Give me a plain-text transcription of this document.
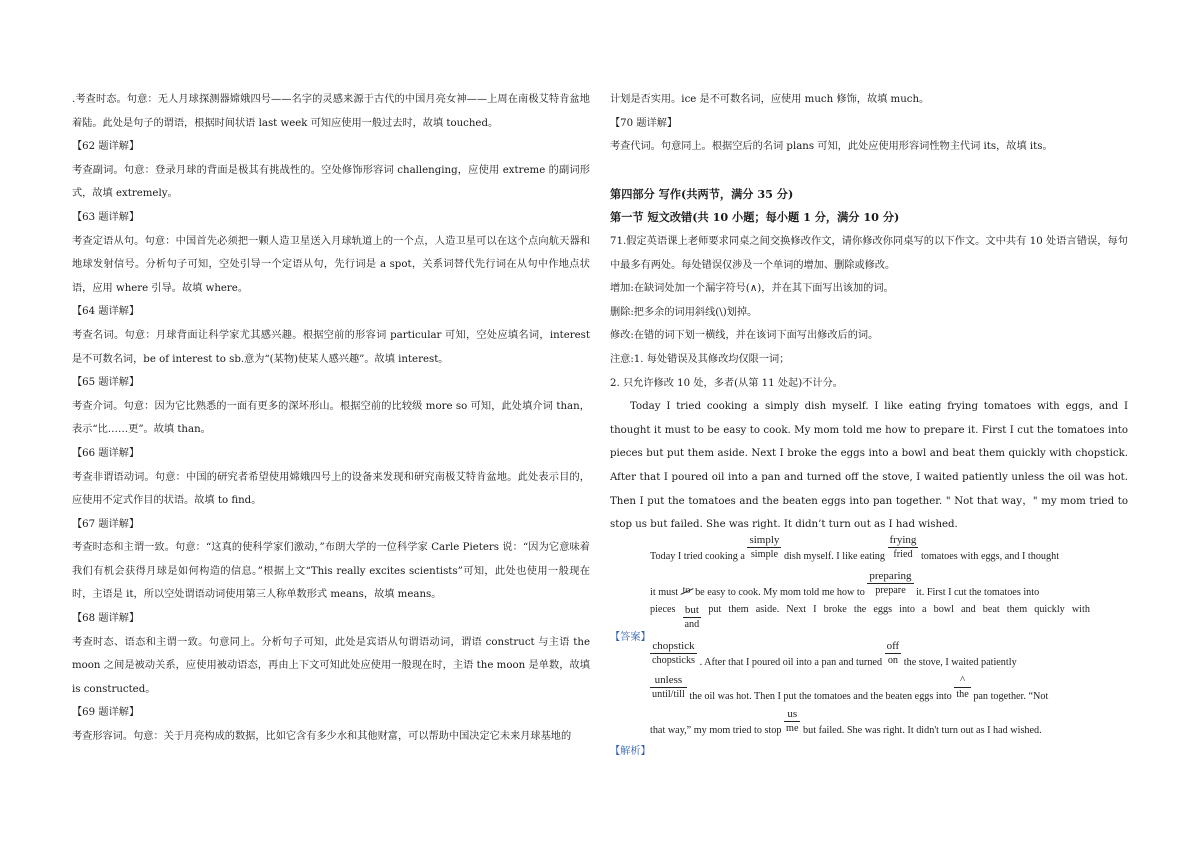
.考查时态。句意：无人月球探测器嫦娥四号——名字的灵感来源于古代的中国月亮女神——上周在南极艾特肯盆地着陆。此处是句子的谓语，根据时间状语 last week 可知应使用一般过去时，故填 touched。

【62 题详解】

考查副词。句意：登录月球的背面是极其有挑战性的。空处修饰形容词 challenging，应使用 extreme 的副词形式，故填 extremely。

【63 题详解】

考查定语从句。句意：中国首先必须把一颗人造卫星送入月球轨道上的一个点，人造卫星可以在这个点向航天器和地球发射信号。分析句子可知，空处引导一个定语从句，先行词是 a spot，关系词替代先行词在从句中作地点状语，应用 where 引导。故填 where。

【64 题详解】

考查名词。句意：月球背面让科学家尤其感兴趣。根据空前的形容词 particular 可知，空处应填名词，interest 是不可数名词，be of interest to sb.意为“(某物)使某人感兴趣”。故填 interest。

【65 题详解】

考查介词。句意：因为它比熟悉的一面有更多的深坏形山。根据空前的比较级 more so 可知，此处填介词 than，表示“比……更”。故填 than。

【66 题详解】

考查非谓语动词。句意：中国的研究者希望使用嫦娥四号上的设备来发现和研究南极艾特肯盆地。此处表示目的，应使用不定式作目的状语。故填 to find。

【67 题详解】

考查时态和主谓一致。句意：“这真的使科学家们激动，”布朗大学的一位科学家 Carle Pieters 说：“因为它意味着我们有机会获得月球是如何构造的信息。”根据上文“This really excites scientists”可知，此处也使用一般现在时，主语是 it，所以空处谓语动词使用第三人称单数形式 means，故填 means。

【68 题详解】

考查时态、语态和主谓一致。句意同上。分析句子可知，此处是宾语从句谓语动词，谓语 construct 与主语 the moon 之间是被动关系，应使用被动语态，再由上下文可知此处应使用一般现在时，主语 the moon 是单数，故填 is constructed。

【69 题详解】

考查形容词。句意：关于月亮构成的数据，比如它含有多少水和其他财富，可以帮助中国决定它未来月球基地的

计划是否实用。ice 是不可数名词，应使用 much 修饰，故填 much。

【70 题详解】

考查代词。句意同上。根据空后的名词 plans 可知，此处应使用形容词性物主代词 its，故填 its。

第四部分 写作(共两节，满分 35 分)

第一节 短文改错(共 10 小题；每小题 1 分，满分 10 分)

71.假定英语课上老师要求同桌之间交换修改作文，请你修改你同桌写的以下作文。文中共有 10 处语言错误，每句中最多有两处。每处错误仅涉及一个单词的增加、删除或修改。

增加:在缺词处加一个漏字符号(∧)，并在其下面写出该加的词。

删除:把多余的词用斜线(\)划掉。

修改:在错的词下划一横线，并在该词下面写出修改后的词。

注意:1. 每处错误及其修改均仅限一词；

2. 只允许修改 10 处，多者(从第 11 处起)不计分。

Today I tried cooking a simply dish myself. I like eating frying tomatoes with eggs, and I thought it must to be easy to cook. My mom told me how to prepare it. First I cut the tomatoes into pieces but put them aside. Next I broke the eggs into a bowl and beat them quickly with chopstick. After that I poured oil into a pan and turned off the stove, I waited patiently unless the oil was hot. Then I put the tomatoes and the beaten eggs into pan together. " Not that way，" my mom tried to stop us but failed. She was right. It didn’t turn out as I had wished.

【答案】
Today I tried cooking a
simply
simple dish myself. I like eating
frying
fried tomatoes with eggs, and I thought
it must to be easy to cook. My mom told me how to
preparing
prepare	it. First I cut the tomatoes into
pieces but
and
put them aside. Next I broke the eggs into a bowl and beat them quickly with
chopstick
chopsticks . After that I poured oil into a pan and turned
off
on the stove, I waited patiently
unless
until/till the oil was hot. Then I put the tomatoes and the beaten eggs into
^
the pan together. “Not
that way,” my mom tried to stop $\frac{us}{me}$ but failed. She was right. It didn't turn out as I had wished.
【解析】
